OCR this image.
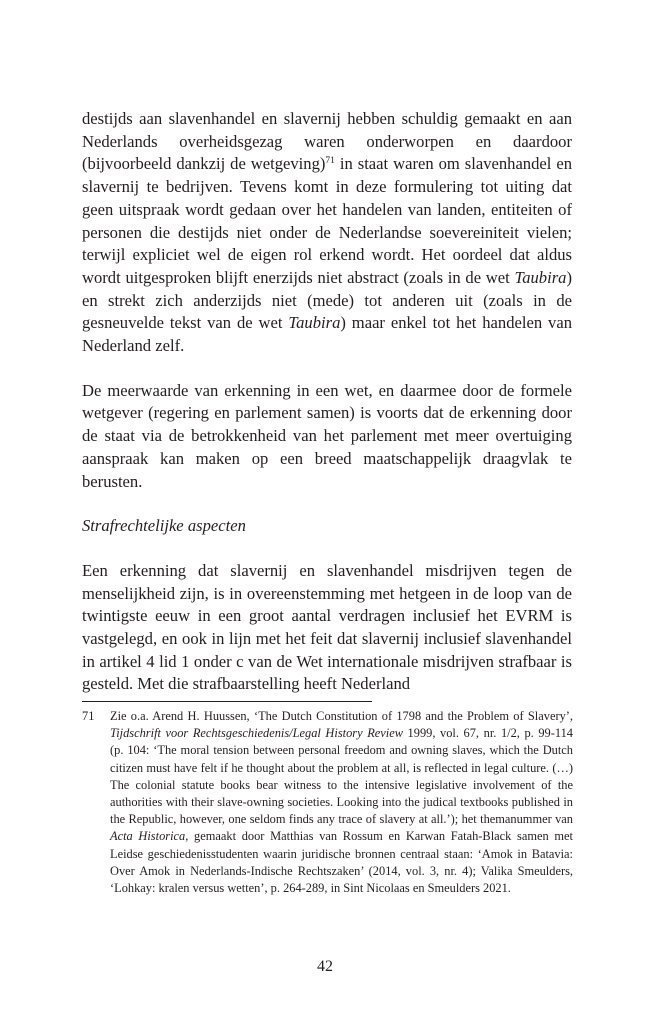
destijds aan slavenhandel en slavernij hebben schuldig gemaakt en aan Nederlands overheidsgezag waren onderworpen en daardoor (bijvoorbeeld dankzij de wetgeving)$^{71}$ in staat waren om slavenhandel en slavernij te bedrijven. Tevens komt in deze formulering tot uiting dat geen uitspraak wordt gedaan over het handelen van landen, entiteiten of personen die destijds niet onder de Nederlandse soevereiniteit vielen; terwijl expliciet wel de eigen rol erkend wordt. Het oordeel dat aldus wordt uitgesproken blijft enerzijds niet abstract (zoals in de wet Taubira) en strekt zich anderzijds niet (mede) tot anderen uit (zoals in de gesneuvelde tekst van de wet Taubira) maar enkel tot het handelen van Nederland zelf.

De meerwaarde van erkenning in een wet, en daarmee door de formele wetgever (regering en parlement samen) is voorts dat de erkenning door de staat via de betrokkenheid van het parlement met meer overtuiging aanspraak kan maken op een breed maatschappelijk draagvlak te berusten.

Strafrechtelijke aspecten

Een erkenning dat slavernij en slavenhandel misdrijven tegen de menselijkheid zijn, is in overeenstemming met hetgeen in de loop van de twintigste eeuw in een groot aantal verdragen inclusief het EVRM is vastgelegd, en ook in lijn met het feit dat slavernij inclusief slavenhandel in artikel 4 lid 1 onder c van de Wet internationale misdrijven strafbaar is gesteld. Met die strafbaarstelling heeft Nederland

71 Zie o.a. Arend H. Huussen, ‘The Dutch Constitution of 1798 and the Problem of Slavery’, Tijdschrift voor Rechtsgeschiedenis/Legal History Review 1999, vol. 67, nr. 1/2, p. 99-114 (p. 104: ‘The moral tension between personal freedom and owning slaves, which the Dutch citizen must have felt if he thought about the problem at all, is reflected in legal culture. (…) The colonial statute books bear witness to the intensive legislative involvement of the authorities with their slave-owning societies. Looking into the judical textbooks published in the Republic, however, one seldom finds any trace of slavery at all.’); het themanummer van Acta Historica, gemaakt door Matthias van Rossum en Karwan Fatah-Black samen met Leidse geschiedenisstudenten waarin juridische bronnen centraal staan: ‘Amok in Batavia: Over Amok in Nederlands-Indische Rechtszaken’ (2014, vol. 3, nr. 4); Valika Smeulders, ‘Lohkay: kralen versus wetten’, p. 264-289, in Sint Nicolaas en Smeulders 2021.
42
